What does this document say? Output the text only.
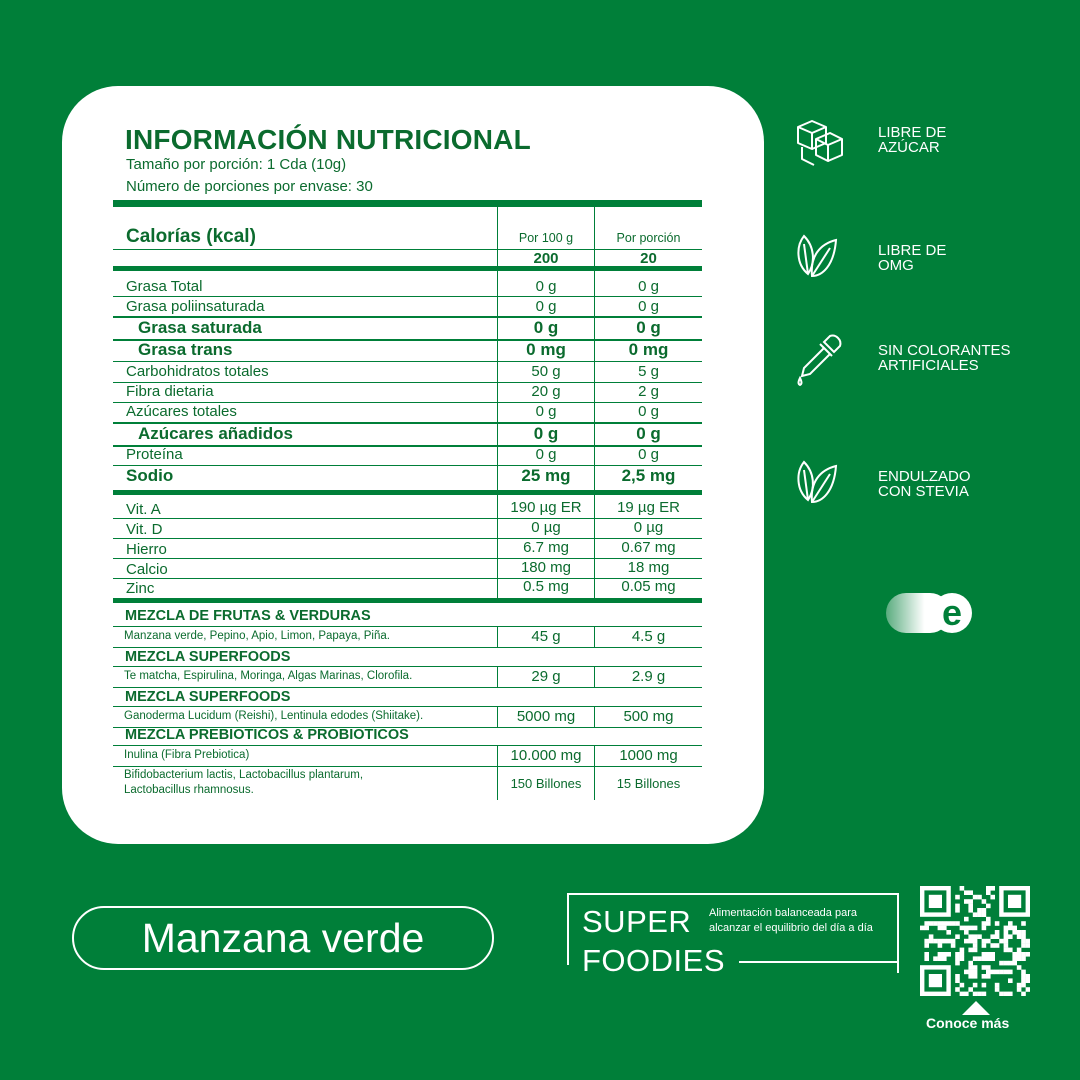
INFORMACIÓN NUTRICIONAL
Tamaño por porción: 1 Cda (10g)
Número de porciones por envase: 30
Calorías (kcal)	Por 100 g	Por porción
200	20
Grasa Total	0 g	0 g
Grasa poliinsaturada	0 g	0 g
Grasa saturada	0 g	0 g
Grasa trans	0 mg	0 mg
Carbohidratos totales	50 g	5 g
Fibra dietaria	20 g	2 g
Azúcares totales	0 g	0 g
Azúcares añadidos	0 g	0 g
Proteína	0 g	0 g
Sodio	25 mg	2,5 mg
Vit. A	190 µg ER	19 µg ER
Vit. D	0 µg	0 µg
Hierro	6.7 mg	0.67 mg
Calcio	180 mg	18 mg
Zinc	0.5 mg	0.05 mg
MEZCLA DE FRUTAS & VERDURAS
Manzana verde, Pepino, Apio, Limon, Papaya, Piña.	45 g	4.5 g
MEZCLA SUPERFOODS
Te matcha, Espirulina, Moringa, Algas Marinas, Clorofila.	29 g	2.9 g
MEZCLA SUPERFOODS
Ganoderma Lucidum (Reishi), Lentinula edodes (Shiitake).	5000 mg	500 mg
MEZCLA PREBIOTICOS & PROBIOTICOS
Inulina (Fibra Prebiotica)	10.000 mg	1000 mg
Bifidobacterium lactis, Lactobacillus plantarum,
Lactobacillus rhamnosus.	150 Billones	15 Billones
LIBRE DE
AZÚCAR
LIBRE DE
OMG
SIN COLORANTES
ARTIFICIALES
ENDULZADO
CON STEVIA
e
Manzana verde	SUPER
FOODIES
Alimentación balanceada para
alcanzar el equilibrio del día a día
Conoce más
